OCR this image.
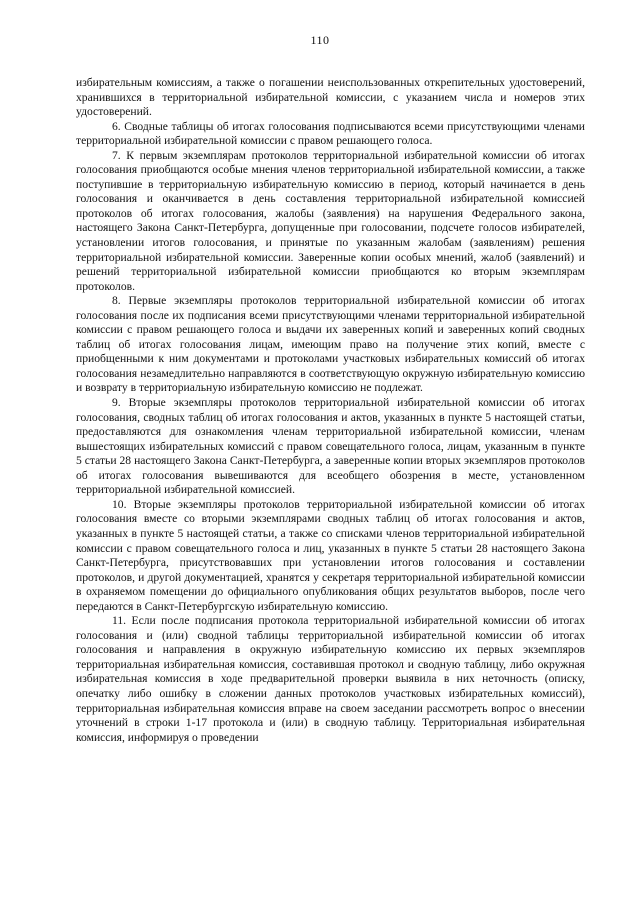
110

избирательным комиссиям, а также о погашении неиспользованных открепительных удостоверений, хранившихся в территориальной избирательной комиссии, с указанием числа и номеров этих удостоверений.

6. Сводные таблицы об итогах голосования подписываются всеми присутствующими членами территориальной избирательной комиссии с правом решающего голоса.

7. К первым экземплярам протоколов территориальной избирательной комиссии об итогах голосования приобщаются особые мнения членов территориальной избирательной комиссии, а также поступившие в территориальную избирательную комиссию в период, который начинается в день голосования и оканчивается в день составления территориальной избирательной комиссией протоколов об итогах голосования, жалобы (заявления) на нарушения Федерального закона, настоящего Закона Санкт-Петербурга, допущенные при голосовании, подсчете голосов избирателей, установлении итогов голосования, и принятые по указанным жалобам (заявлениям) решения территориальной избирательной комиссии. Заверенные копии особых мнений, жалоб (заявлений) и решений территориальной избирательной комиссии приобщаются ко вторым экземплярам протоколов.

8. Первые экземпляры протоколов территориальной избирательной комиссии об итогах голосования после их подписания всеми присутствующими членами территориальной избирательной комиссии с правом решающего голоса и выдачи их заверенных копий и заверенных копий сводных таблиц об итогах голосования лицам, имеющим право на получение этих копий, вместе с приобщенными к ним документами и протоколами участковых избирательных комиссий об итогах голосования незамедлительно направляются в соответствующую окружную избирательную комиссию и возврату в территориальную избирательную комиссию не подлежат.

9. Вторые экземпляры протоколов территориальной избирательной комиссии об итогах голосования, сводных таблиц об итогах голосования и актов, указанных в пункте 5 настоящей статьи, предоставляются для ознакомления членам территориальной избирательной комиссии, членам вышестоящих избирательных комиссий с правом совещательного голоса, лицам, указанным в пункте 5 статьи 28 настоящего Закона Санкт-Петербурга, а заверенные копии вторых экземпляров протоколов об итогах голосования вывешиваются для всеобщего обозрения в месте, установленном территориальной избирательной комиссией.

10. Вторые экземпляры протоколов территориальной избирательной комиссии об итогах голосования вместе со вторыми экземплярами сводных таблиц об итогах голосования и актов, указанных в пункте 5 настоящей статьи, а также со списками членов территориальной избирательной комиссии с правом совещательного голоса и лиц, указанных в пункте 5 статьи 28 настоящего Закона Санкт-Петербурга, присутствовавших при установлении итогов голосования и составлении протоколов, и другой документацией, хранятся у секретаря территориальной избирательной комиссии в охраняемом помещении до официального опубликования общих результатов выборов, после чего передаются в Санкт-Петербургскую избирательную комиссию.

11. Если после подписания протокола территориальной избирательной комиссии об итогах голосования и (или) сводной таблицы территориальной избирательной комиссии об итогах голосования и направления в окружную избирательную комиссию их первых экземпляров территориальная избирательная комиссия, составившая протокол и сводную таблицу, либо окружная избирательная комиссия в ходе предварительной проверки выявила в них неточность (описку, опечатку либо ошибку в сложении данных протоколов участковых избирательных комиссий), территориальная избирательная комиссия вправе на своем заседании рассмотреть вопрос о внесении уточнений в строки 1-17 протокола и (или) в сводную таблицу. Территориальная избирательная комиссия, информируя о проведении
